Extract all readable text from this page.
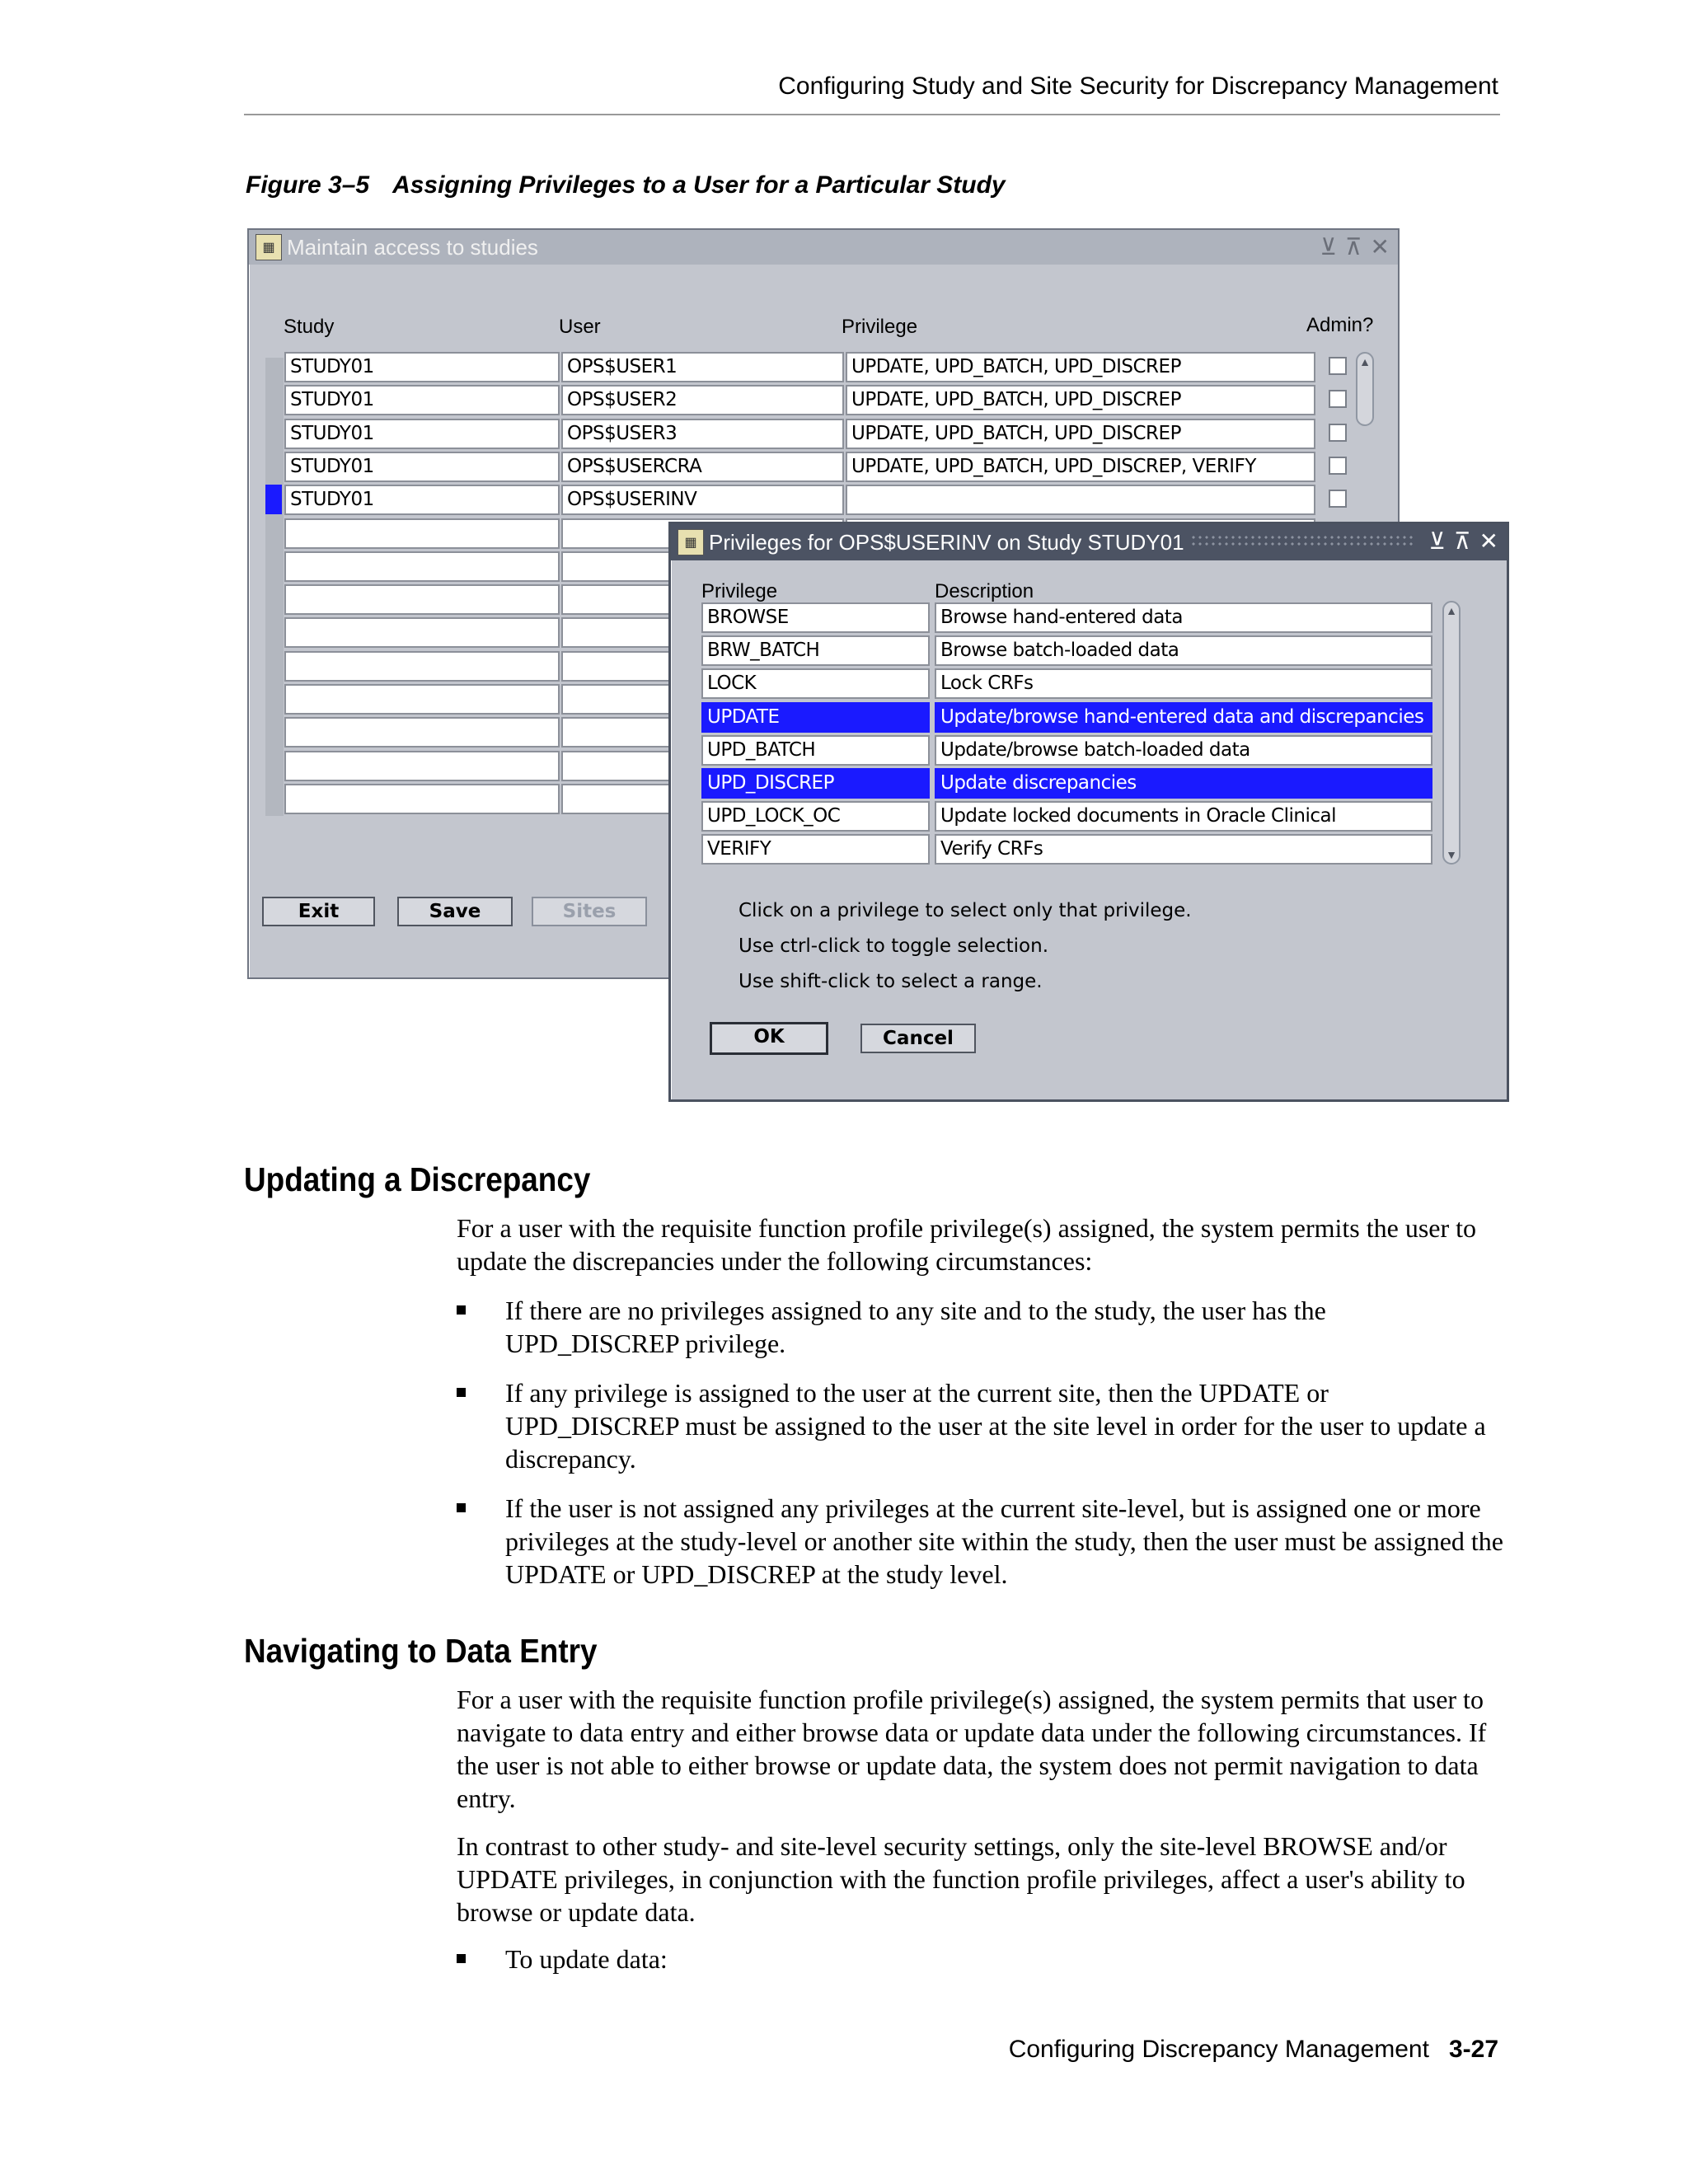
Configuring Study and Site Security for Discrepancy Management
Figure 3–5 Assigning Privileges to a User for a Particular Study
▦ Maintain access to studies	⊻ ⊼ ✕
Study	User	Privilege	Admin?
STUDY01	OPS$USER1	UPDATE, UPD_BATCH, UPD_DISCREP
STUDY01	OPS$USER2	UPDATE, UPD_BATCH, UPD_DISCREP
STUDY01	OPS$USER3	UPDATE, UPD_BATCH, UPD_DISCREP
STUDY01	OPS$USERCRA	UPDATE, UPD_BATCH, UPD_DISCREP, VERIFY
STUDY01	OPS$USERINV
▲
Exit	Save	Sites
▦ Privileges for OPS$USERINV on Study STUDY01	⊻ ⊼ ✕
Privilege	Description
BROWSE	Browse hand-entered data
BRW_BATCH	Browse batch-loaded data
LOCK	Lock CRFs
UPDATE	Update/browse hand-entered data and discrepancies
UPD_BATCH	Update/browse batch-loaded data
UPD_DISCREP	Update discrepancies
UPD_LOCK_OC	Update locked documents in Oracle Clinical
VERIFY	Verify CRFs
▲
▼
Click on a privilege to select only that privilege.
Use ctrl-click to toggle selection.
Use shift-click to select a range.
OK	Cancel
Updating a Discrepancy
For a user with the requisite function profile privilege(s) assigned, the system permits the user to update the discrepancies under the following circumstances:
If there are no privileges assigned to any site and to the study, the user has the UPD_DISCREP privilege.
If any privilege is assigned to the user at the current site, then the UPDATE or UPD_DISCREP must be assigned to the user at the site level in order for the user to update a discrepancy.
If the user is not assigned any privileges at the current site-level, but is assigned one or more privileges at the study-level or another site within the study, then the user must be assigned the UPDATE or UPD_DISCREP at the study level.
Navigating to Data Entry
For a user with the requisite function profile privilege(s) assigned, the system permits that user to navigate to data entry and either browse data or update data under the following circumstances. If the user is not able to either browse or update data, the system does not permit navigation to data entry.
In contrast to other study- and site-level security settings, only the site-level BROWSE and/or UPDATE privileges, in conjunction with the function profile privileges, affect a user's ability to browse or update data.
To update data:
Configuring Discrepancy Management 3-27
